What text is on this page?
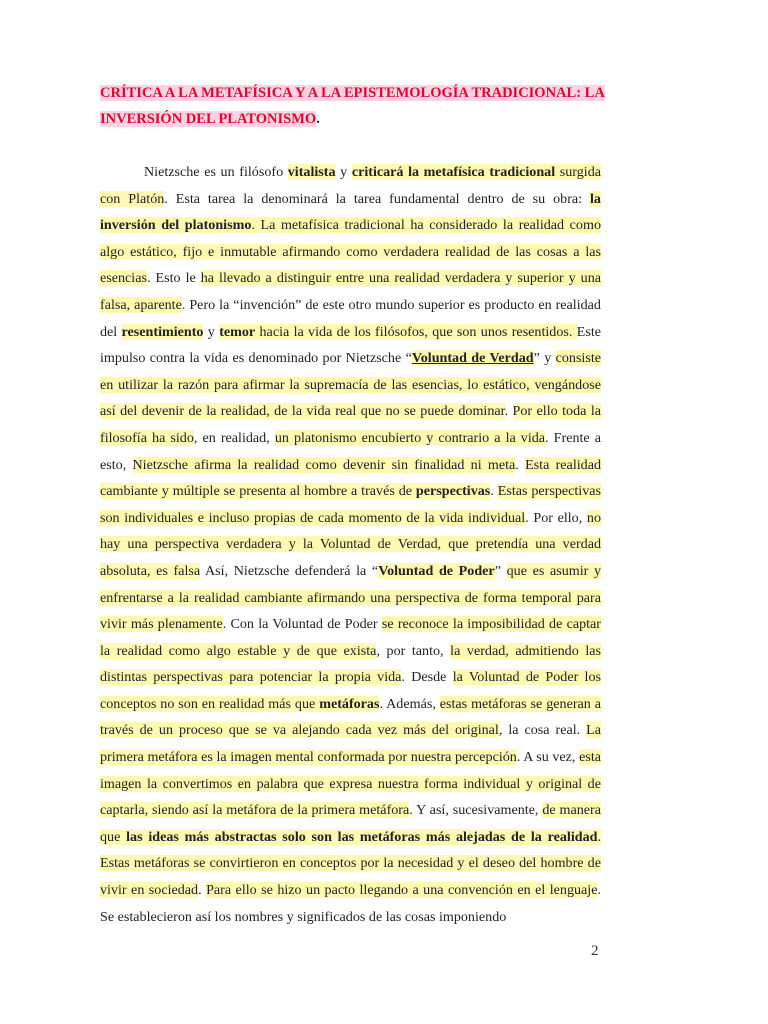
CRÍTICA A LA METAFÍSICA Y A LA EPISTEMOLOGÍA TRADICIONAL: LA
INVERSIÓN DEL PLATONISMO.

Nietzsche es un filósofo vitalista y criticará la metafísica tradicional surgida con Platón. Esta tarea la denominará la tarea fundamental dentro de su obra: la inversión del platonismo. La metafísica tradicional ha considerado la realidad como algo estático, fijo e inmutable afirmando como verdadera realidad de las cosas a las esencias. Esto le ha llevado a distinguir entre una realidad verdadera y superior y una falsa, aparente. Pero la “invención” de este otro mundo superior es producto en realidad del resentimiento y temor hacia la vida de los filósofos, que son unos resentidos. Este impulso contra la vida es denominado por Nietzsche “Voluntad de Verdad” y consiste en utilizar la razón para afirmar la supremacía de las esencias, lo estático, vengándose así del devenir de la realidad, de la vida real que no se puede dominar. Por ello toda la filosofía ha sido, en realidad, un platonismo encubierto y contrario a la vida. Frente a esto, Nietzsche afirma la realidad como devenir sin finalidad ni meta. Esta realidad cambiante y múltiple se presenta al hombre a través de perspectivas. Estas perspectivas son individuales e incluso propias de cada momento de la vida individual. Por ello, no hay una perspectiva verdadera y la Voluntad de Verdad, que pretendía una verdad absoluta, es falsa Así, Nietzsche defenderá la “Voluntad de Poder” que es asumir y enfrentarse a la realidad cambiante afirmando una perspectiva de forma temporal para vivir más plenamente. Con la Voluntad de Poder se reconoce la imposibilidad de captar la realidad como algo estable y de que exista, por tanto, la verdad, admitiendo las distintas perspectivas para potenciar la propia vida. Desde la Voluntad de Poder los conceptos no son en realidad más que metáforas. Además, estas metáforas se generan a través de un proceso que se va alejando cada vez más del original, la cosa real. La primera metáfora es la imagen mental conformada por nuestra percepción. A su vez, esta imagen la convertimos en palabra que expresa nuestra forma individual y original de captarla, siendo así la metáfora de la primera metáfora. Y así, sucesivamente, de manera que las ideas más abstractas solo son las metáforas más alejadas de la realidad. Estas metáforas se convirtieron en conceptos por la necesidad y el deseo del hombre de vivir en sociedad. Para ello se hizo un pacto llegando a una convención en el lenguaje. Se establecieron así los nombres y significados de las cosas imponiendo

2
